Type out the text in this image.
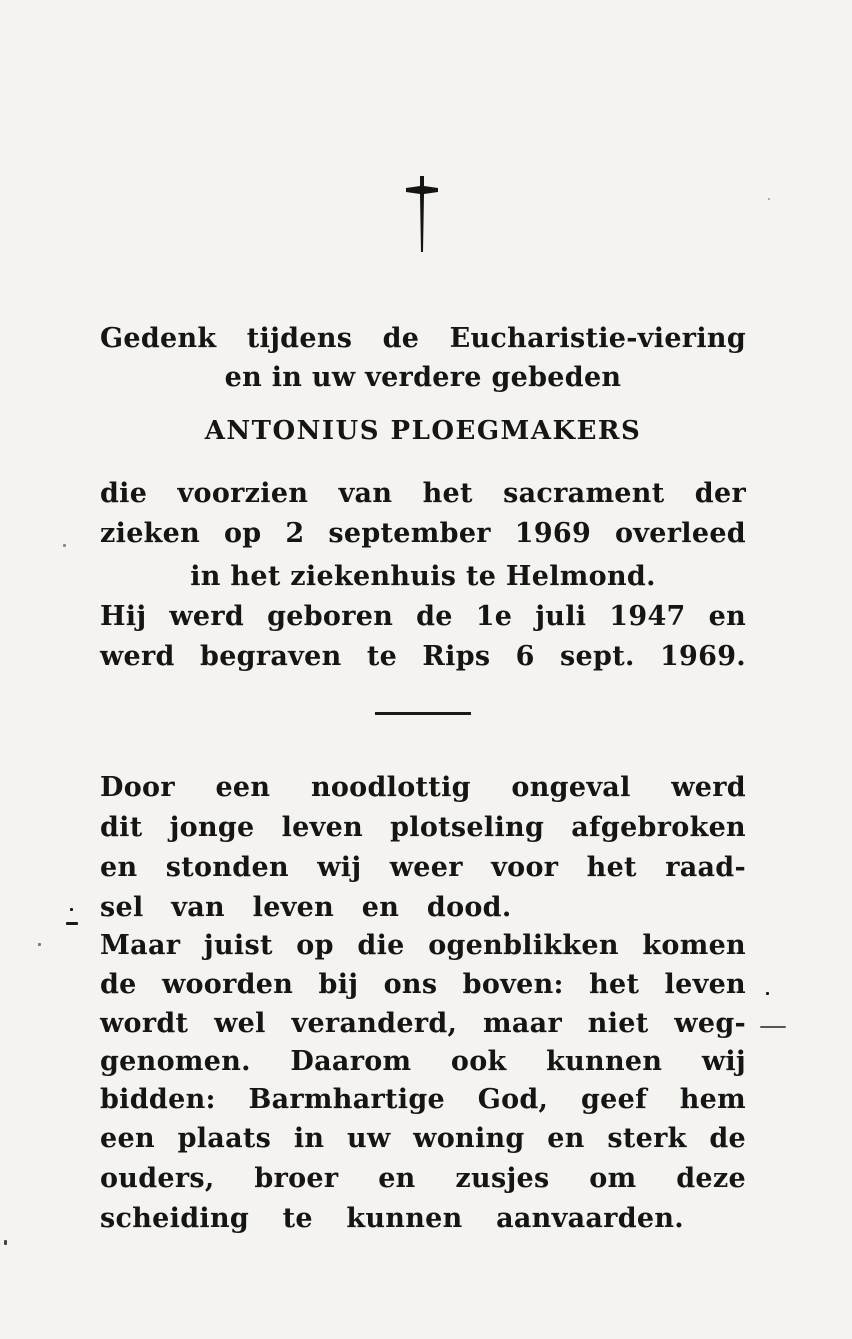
Gedenk tijdens de Eucharistie-viering
en in uw verdere gebeden
ANTONIUS PLOEGMAKERS
die voorzien van het sacrament der
zieken op 2 september 1969 overleed
in het ziekenhuis te Helmond.
Hij werd geboren de 1e juli 1947 en
werd begraven te Rips 6 sept. 1969.
Door een noodlottig ongeval werd
dit jonge leven plotseling afgebroken
en stonden wij weer voor het raad-
sel van leven en dood.
Maar juist op die ogenblikken komen
de woorden bij ons boven: het leven
wordt wel veranderd, maar niet weg-
genomen. Daarom ook kunnen wij
bidden: Barmhartige God, geef hem
een plaats in uw woning en sterk de
ouders, broer en zusjes om deze
scheiding te kunnen aanvaarden.
